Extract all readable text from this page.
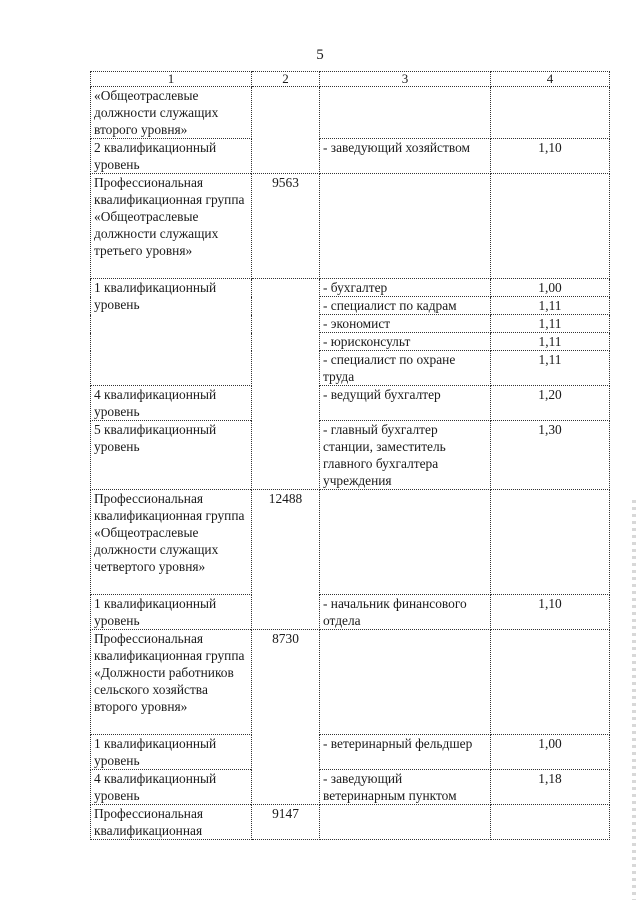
5
1	2	3	4
«Общеотраслевые должности служащих второго уровня»			
2 квалификационный уровень		- заведующий хозяйством	1,10
Профессиональная квалификационная группа «Общеотраслевые должности служащих третьего уровня»	9563		
1 квалификационный уровень		- бухгалтер	1,00
		- специалист по кадрам	1,11
		- экономист	1,11
		- юрисконсульт	1,11
		- специалист по охране труда	1,11
4 квалификационный уровень		- ведущий бухгалтер	1,20
5 квалификационный уровень		- главный бухгалтер станции, заместитель главного бухгалтера учреждения	1,30
Профессиональная квалификационная группа «Общеотраслевые должности служащих четвертого уровня»	12488		
1 квалификационный уровень		- начальник финансового отдела	1,10
Профессиональная квалификационная группа «Должности работников сельского хозяйства второго уровня»	8730		
1 квалификационный уровень		- ветеринарный фельдшер	1,00
4 квалификационный уровень		- заведующий ветеринарным пунктом	1,18
Профессиональная квалификационная	9147		
